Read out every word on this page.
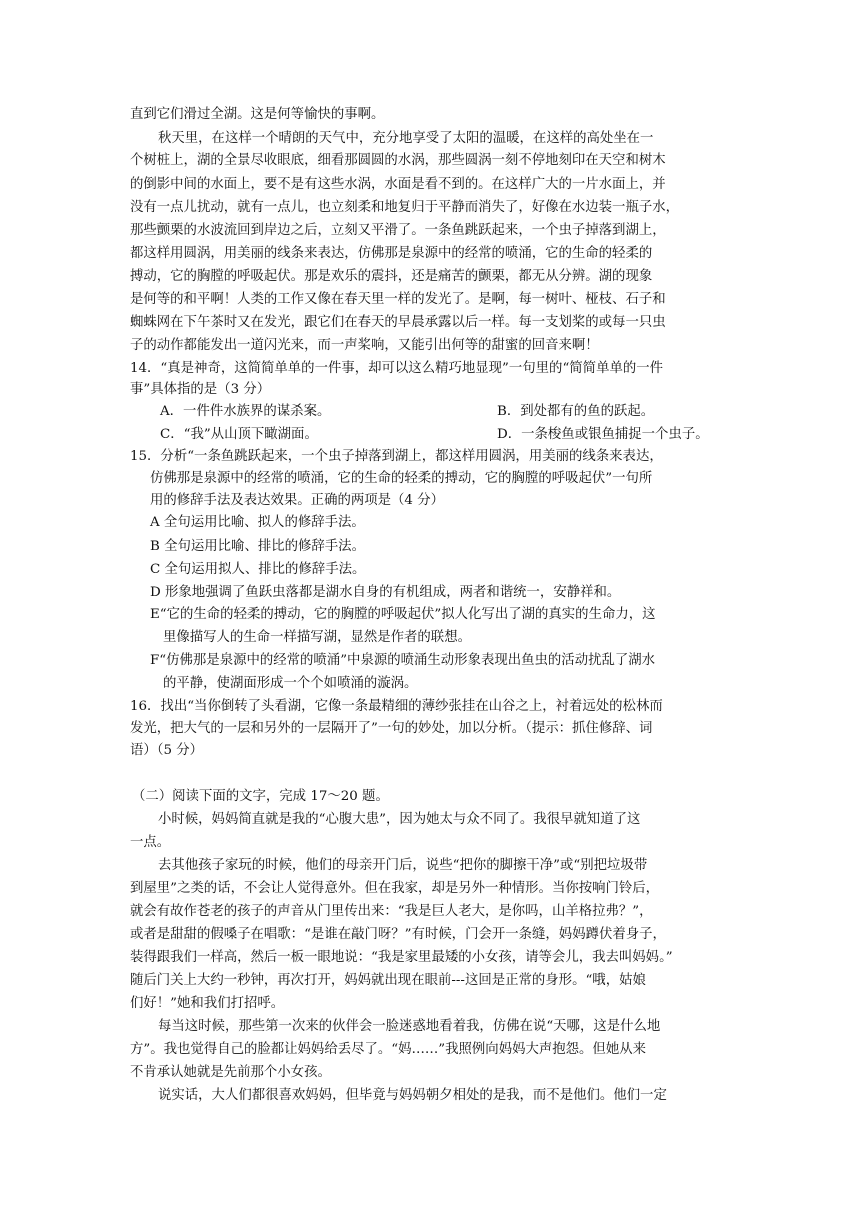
直到它们滑过全湖。这是何等愉快的事啊。
秋天里，在这样一个晴朗的天气中，充分地享受了太阳的温暖，在这样的高处坐在一
个树桩上，湖的全景尽收眼底，细看那圆圆的水涡，那些圆涡一刻不停地刻印在天空和树木
的倒影中间的水面上，要不是有这些水涡，水面是看不到的。在这样广大的一片水面上，并
没有一点儿扰动，就有一点儿，也立刻柔和地复归于平静而消失了，好像在水边装一瓶子水，
那些颤栗的水波流回到岸边之后，立刻又平滑了。一条鱼跳跃起来，一个虫子掉落到湖上，
都这样用圆涡，用美丽的线条来表达，仿佛那是泉源中的经常的喷涌，它的生命的轻柔的
搏动，它的胸膛的呼吸起伏。那是欢乐的震抖，还是痛苦的颤栗，都无从分辨。湖的现象
是何等的和平啊！人类的工作又像在春天里一样的发光了。是啊，每一树叶、桠枝、石子和
蜘蛛网在下午茶时又在发光，跟它们在春天的早晨承露以后一样。每一支划桨的或每一只虫
子的动作都能发出一道闪光来，而一声桨响，又能引出何等的甜蜜的回音来啊！
14．“真是神奇，这简简单单的一件事，却可以这么精巧地显现”一句里的“简简单单的一件
事”具体指的是（3 分）
A．一件件水族界的谋杀案。	B．到处都有的鱼的跃起。
C．“我”从山顶下瞰湖面。	D．一条梭鱼或银鱼捕捉一个虫子。
15．分析“一条鱼跳跃起来，一个虫子掉落到湖上，都这样用圆涡，用美丽的线条来表达，
仿佛那是泉源中的经常的喷涌，它的生命的轻柔的搏动，它的胸膛的呼吸起伏”一句所
用的修辞手法及表达效果。正确的两项是（4 分）
A 全句运用比喻、拟人的修辞手法。
B 全句运用比喻、排比的修辞手法。
C 全句运用拟人、排比的修辞手法。
D 形象地强调了鱼跃虫落都是湖水自身的有机组成，两者和谐统一，安静祥和。
E“它的生命的轻柔的搏动，它的胸膛的呼吸起伏”拟人化写出了湖的真实的生命力，这
里像描写人的生命一样描写湖，显然是作者的联想。
F“仿佛那是泉源中的经常的喷涌”中泉源的喷涌生动形象表现出鱼虫的活动扰乱了湖水
的平静，使湖面形成一个个如喷涌的漩涡。
16．找出“当你倒转了头看湖，它像一条最精细的薄纱张挂在山谷之上，衬着远处的松林而
发光，把大气的一层和另外的一层隔开了”一句的妙处，加以分析。（提示：抓住修辞、词
语）（5 分）
（二）阅读下面的文字，完成 17～20 题。
小时候，妈妈简直就是我的“心腹大患”，因为她太与众不同了。我很早就知道了这
一点。
去其他孩子家玩的时候，他们的母亲开门后，说些“把你的脚擦干净”或“别把垃圾带
到屋里”之类的话，不会让人觉得意外。但在我家，却是另外一种情形。当你按响门铃后，
就会有故作苍老的孩子的声音从门里传出来：“我是巨人老大，是你吗，山羊格拉弗？”，
或者是甜甜的假嗓子在唱歌：“是谁在敲门呀？”有时候，门会开一条缝，妈妈蹲伏着身子，
装得跟我们一样高，然后一板一眼地说：“我是家里最矮的小女孩，请等会儿，我去叫妈妈。”
随后门关上大约一秒钟，再次打开，妈妈就出现在眼前---这回是正常的身形。“哦，姑娘
们好！”她和我们打招呼。
每当这时候，那些第一次来的伙伴会一脸迷惑地看着我，仿佛在说“天哪，这是什么地
方”。我也觉得自己的脸都让妈妈给丢尽了。“妈……”我照例向妈妈大声抱怨。但她从来
不肯承认她就是先前那个小女孩。
说实话，大人们都很喜欢妈妈，但毕竟与妈妈朝夕相处的是我，而不是他们。他们一定
